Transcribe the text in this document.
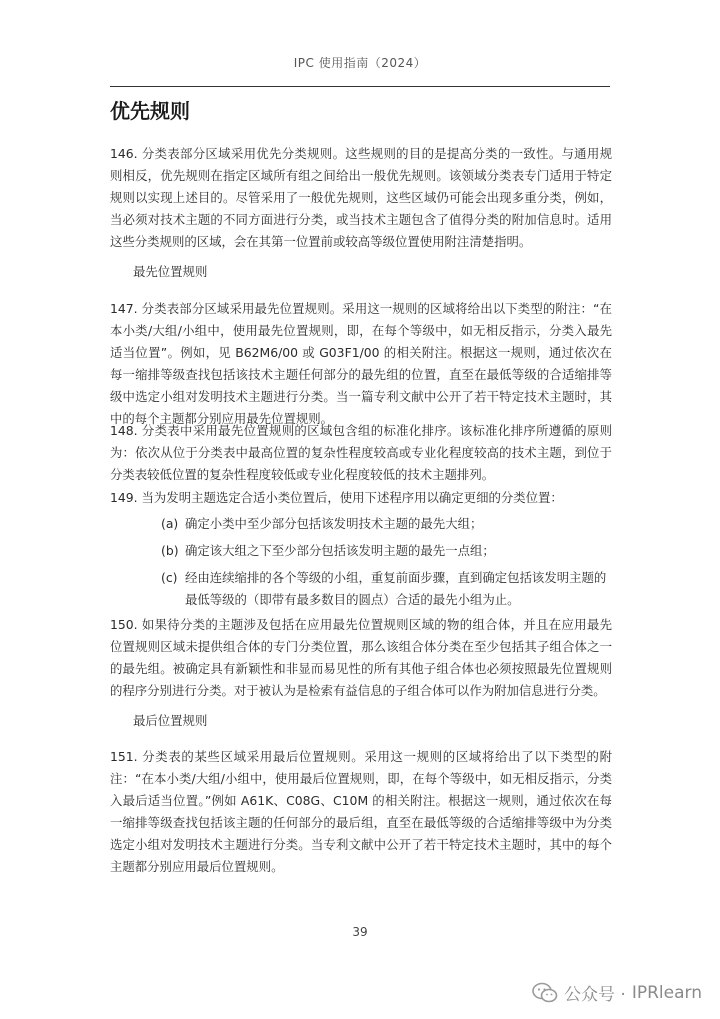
IPC 使用指南（2024）
优先规则

146. 分类表部分区域采用优先分类规则。这些规则的目的是提高分类的一致性。与通用规则相反，优先规则在指定区域所有组之间给出一般优先规则。该领域分类表专门适用于特定规则以实现上述目的。尽管采用了一般优先规则，这些区域仍可能会出现多重分类，例如，当必须对技术主题的不同方面进行分类，或当技术主题包含了值得分类的附加信息时。适用这些分类规则的区域，会在其第一位置前或较高等级位置使用附注清楚指明。

最先位置规则

147. 分类表部分区域采用最先位置规则。采用这一规则的区域将给出以下类型的附注：“在本小类/大组/小组中，使用最先位置规则，即，在每个等级中，如无相反指示，分类入最先适当位置”。例如，见 B62M6/00 或 G03F1/00 的相关附注。根据这一规则，通过依次在每一缩排等级查找包括该技术主题任何部分的最先组的位置，直至在最低等级的合适缩排等级中选定小组对发明技术主题进行分类。当一篇专利文献中公开了若干特定技术主题时，其中的每个主题都分别应用最先位置规则。

148. 分类表中采用最先位置规则的区域包含组的标准化排序。该标准化排序所遵循的原则为：依次从位于分类表中最高位置的复杂性程度较高或专业化程度较高的技术主题，到位于分类表较低位置的复杂性程度较低或专业化程度较低的技术主题排列。

149. 当为发明主题选定合适小类位置后，使用下述程序用以确定更细的分类位置：

(a) 确定小类中至少部分包括该发明技术主题的最先大组；
(b) 确定该大组之下至少部分包括该发明主题的最先一点组；
(c) 经由连续缩排的各个等级的小组，重复前面步骤，直到确定包括该发明主题的最低等级的（即带有最多数目的圆点）合适的最先小组为止。

150. 如果待分类的主题涉及包括在应用最先位置规则区域的物的组合体，并且在应用最先位置规则区域未提供组合体的专门分类位置，那么该组合体分类在至少包括其子组合体之一的最先组。被确定具有新颖性和非显而易见性的所有其他子组合体也必须按照最先位置规则的程序分别进行分类。对于被认为是检索有益信息的子组合体可以作为附加信息进行分类。

最后位置规则

151. 分类表的某些区域采用最后位置规则。采用这一规则的区域将给出了以下类型的附注：“在本小类/大组/小组中，使用最后位置规则，即，在每个等级中，如无相反指示，分类入最后适当位置。”例如 A61K、C08G、C10M 的相关附注。根据这一规则，通过依次在每一缩排等级查找包括该主题的任何部分的最后组，直至在最低等级的合适缩排等级中为分类选定小组对发明技术主题进行分类。当专利文献中公开了若干特定技术主题时，其中的每个主题都分别应用最后位置规则。

39
公众号 · IPRlearn
